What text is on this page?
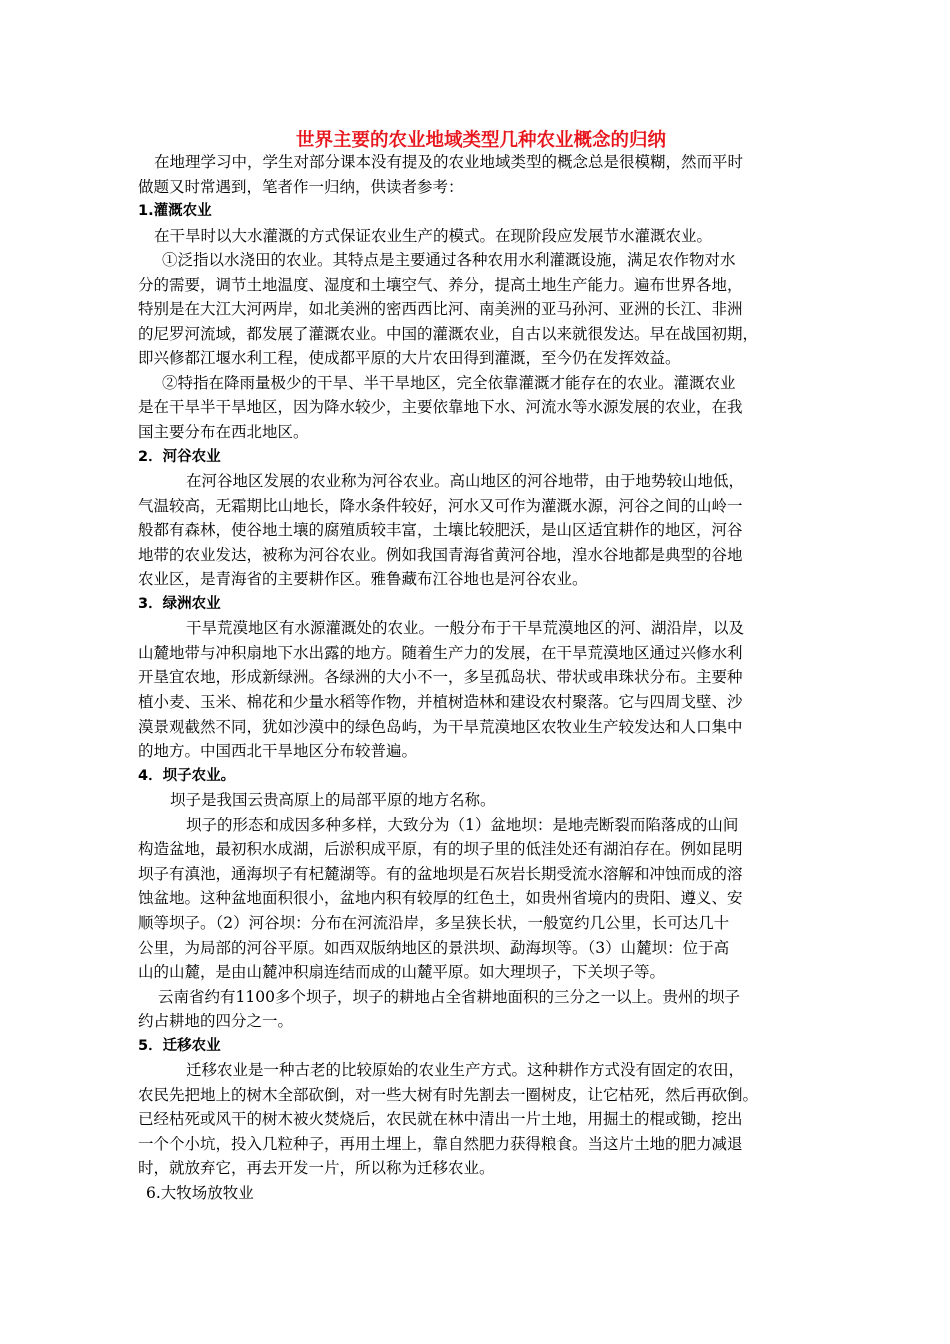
世界主要的农业地域类型几种农业概念的归纳
在地理学习中，学生对部分课本没有提及的农业地域类型的概念总是很模糊，然而平时
做题又时常遇到，笔者作一归纳，供读者参考：
1.灌溉农业
在干旱时以大水灌溉的方式保证农业生产的模式。在现阶段应发展节水灌溉农业。
①泛指以水浇田的农业。其特点是主要通过各种农用水利灌溉设施，满足农作物对水
分的需要，调节土地温度、湿度和土壤空气、养分，提高土地生产能力。遍布世界各地，
特别是在大江大河两岸，如北美洲的密西西比河、南美洲的亚马孙河、亚洲的长江、非洲
的尼罗河流域，都发展了灌溉农业。中国的灌溉农业，自古以来就很发达。早在战国初期，
即兴修都江堰水利工程，使成都平原的大片农田得到灌溉，至今仍在发挥效益。
②特指在降雨量极少的干旱、半干旱地区，完全依靠灌溉才能存在的农业。灌溉农业
是在干旱半干旱地区，因为降水较少，主要依靠地下水、河流水等水源发展的农业，在我
国主要分布在西北地区。
2．河谷农业
在河谷地区发展的农业称为河谷农业。高山地区的河谷地带，由于地势较山地低，
气温较高，无霜期比山地长，降水条件较好，河水又可作为灌溉水源，河谷之间的山岭一
般都有森林，使谷地土壤的腐殖质较丰富，土壤比较肥沃，是山区适宜耕作的地区，河谷
地带的农业发达，被称为河谷农业。例如我国青海省黄河谷地，湟水谷地都是典型的谷地
农业区，是青海省的主要耕作区。雅鲁藏布江谷地也是河谷农业。
3．绿洲农业
干旱荒漠地区有水源灌溉处的农业。一般分布于干旱荒漠地区的河、湖沿岸，以及
山麓地带与冲积扇地下水出露的地方。随着生产力的发展，在干旱荒漠地区通过兴修水利
开垦宜农地，形成新绿洲。各绿洲的大小不一，多呈孤岛状、带状或串珠状分布。主要种
植小麦、玉米、棉花和少量水稻等作物，并植树造林和建设农村聚落。它与四周戈壁、沙
漠景观截然不同，犹如沙漠中的绿色岛屿，为干旱荒漠地区农牧业生产较发达和人口集中
的地方。中国西北干旱地区分布较普遍。
4．坝子农业。
坝子是我国云贵高原上的局部平原的地方名称。
坝子的形态和成因多种多样，大致分为（1）盆地坝：是地壳断裂而陷落成的山间
构造盆地，最初积水成湖，后淤积成平原，有的坝子里的低洼处还有湖泊存在。例如昆明
坝子有滇池，通海坝子有杞麓湖等。有的盆地坝是石灰岩长期受流水溶解和冲蚀而成的溶
蚀盆地。这种盆地面积很小，盆地内积有较厚的红色土，如贵州省境内的贵阳、遵义、安
顺等坝子。（2）河谷坝：分布在河流沿岸，多呈狭长状，一般宽约几公里，长可达几十
公里，为局部的河谷平原。如西双版纳地区的景洪坝、勐海坝等。（3）山麓坝：位于高
山的山麓，是由山麓冲积扇连结而成的山麓平原。如大理坝子，下关坝子等。
云南省约有1100多个坝子，坝子的耕地占全省耕地面积的三分之一以上。贵州的坝子
约占耕地的四分之一。
5．迁移农业
迁移农业是一种古老的比较原始的农业生产方式。这种耕作方式没有固定的农田，
农民先把地上的树木全部砍倒，对一些大树有时先割去一圈树皮，让它枯死，然后再砍倒。
已经枯死或风干的树木被火焚烧后，农民就在林中清出一片土地，用掘土的棍或锄，挖出
一个个小坑，投入几粒种子，再用土埋上，靠自然肥力获得粮食。当这片土地的肥力减退
时，就放弃它，再去开发一片，所以称为迁移农业。
6.大牧场放牧业
